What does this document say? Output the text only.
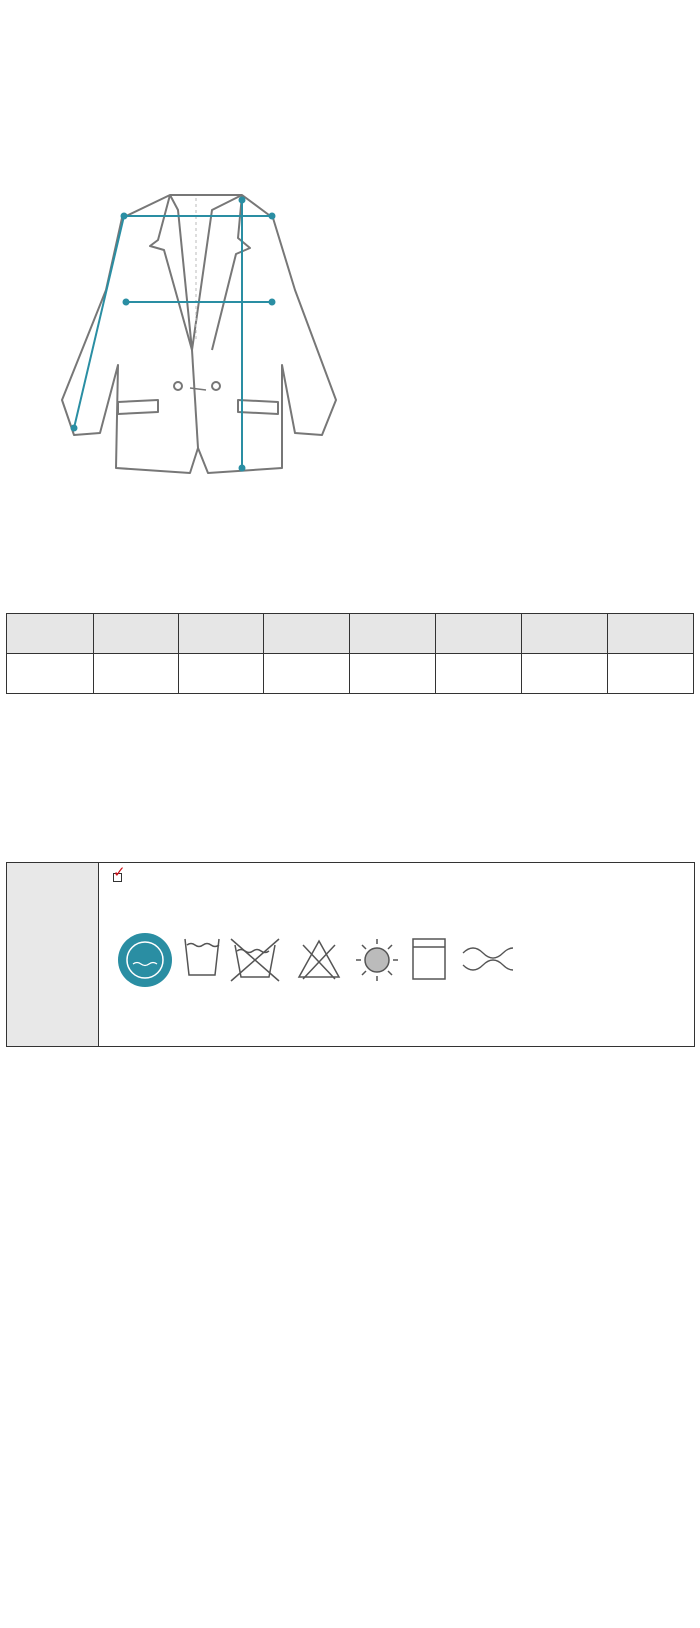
✓
